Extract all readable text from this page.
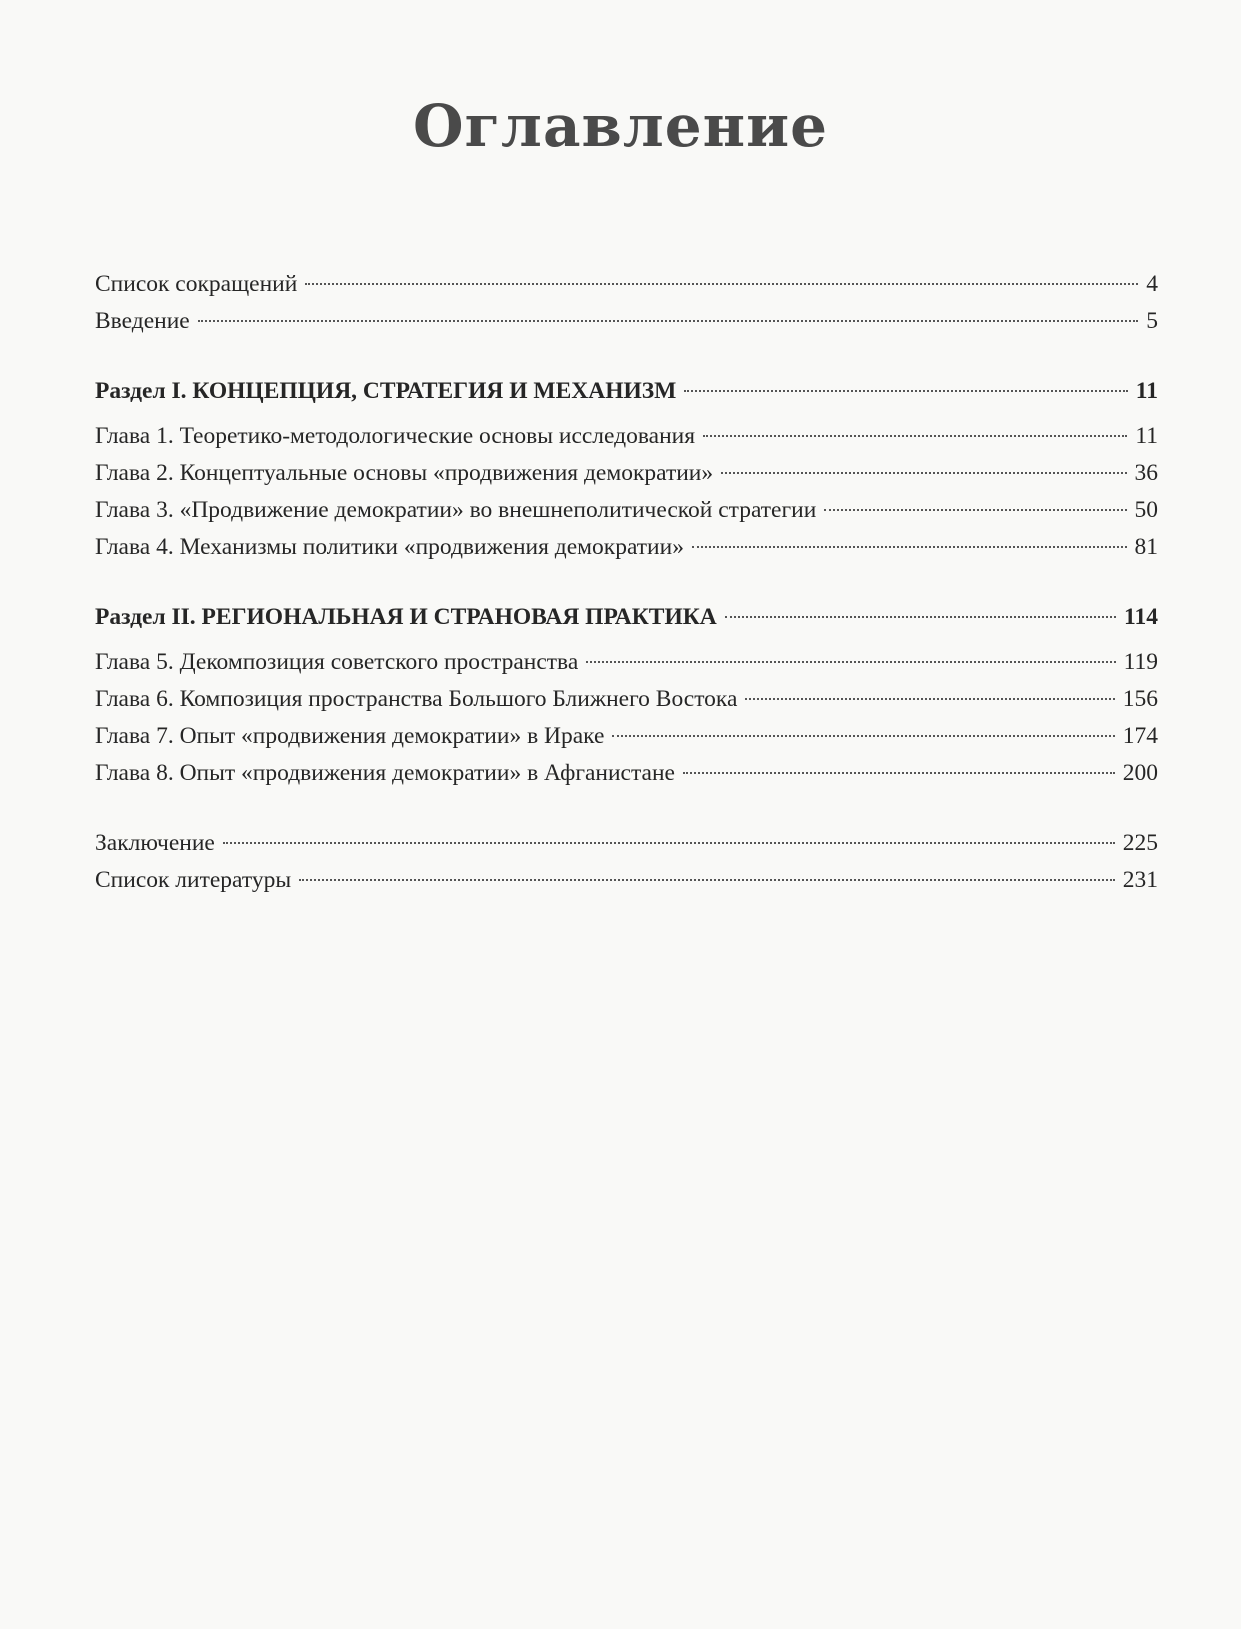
Оглавление
Список сокращений	4
Введение	5
Раздел I. КОНЦЕПЦИЯ, СТРАТЕГИЯ И МЕХАНИЗМ	11
Глава 1. Теоретико-методологические основы исследования	11
Глава 2. Концептуальные основы «продвижения демократии»	36
Глава 3. «Продвижение демократии» во внешнеполитической стратегии	50
Глава 4. Механизмы политики «продвижения демократии»	81
Раздел II. РЕГИОНАЛЬНАЯ И СТРАНОВАЯ ПРАКТИКА	114
Глава 5. Декомпозиция советского пространства	119
Глава 6. Композиция пространства Большого Ближнего Востока	156
Глава 7. Опыт «продвижения демократии» в Ираке	174
Глава 8. Опыт «продвижения демократии» в Афганистане	200
Заключение	225
Список литературы	231
